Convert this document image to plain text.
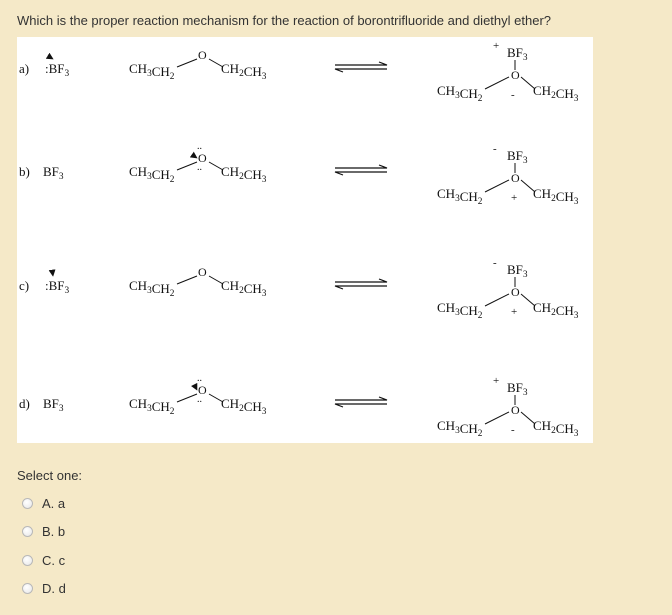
Which is the proper reaction mechanism for the reaction of borontrifluoride and diethyl ether?
a) $:BF_3$	$CH_3CH_2$
O
$CH_2CH_3$
+ $BF_3$
O
$CH_3CH_2$	- $CH_2CH_3$
b) $BF_3$	$CH_3CH_2$
O
$CH_2CH_3$
..
..
- $BF_3$
O
$CH_3CH_2$	+ $CH_2CH_3$
c) $:BF_3$	$CH_3CH_2$
O
$CH_2CH_3$
- $BF_3$
O
$CH_3CH_2$	+ $CH_2CH_3$
d) $BF_3$	$CH_3CH_2$
O
$CH_2CH_3$
..
..
+ $BF_3$
O
$CH_3CH_2$	- $CH_2CH_3$
Select one:
A. a
B. b
C. c
D. d
